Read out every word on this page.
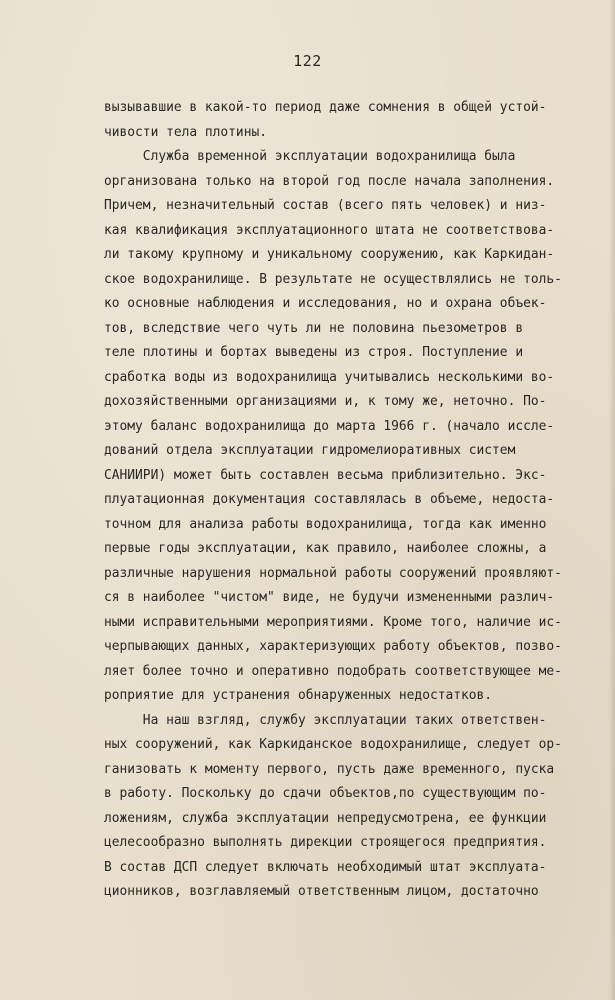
122
вызывавшие в какой-то период даже сомнения в общей устой-
чивости тела плотины.
Служба временной эксплуатации водохранилища была
организована только на второй год после начала заполнения.
Причем, незначительный состав (всего пять человек) и низ-
кая квалификация эксплуатационного штата не соответствова-
ли такому крупному и уникальному сооружению, как Каркидан-
ское водохранилище. В результате не осуществлялись не толь-
ко основные наблюдения и исследования, но и охрана объек-
тов, вследствие чего чуть ли не половина пьезометров в
теле плотины и бортах выведены из строя. Поступление и
сработка воды из водохранилища учитывались несколькими во-
дохозяйственными организациями и, к тому же, неточно. По-
этому баланс водохранилища до марта 1966 г. (начало иссле-
дований отдела эксплуатации гидромелиоративных систем
САНИИРИ) может быть составлен весьма приблизительно. Экс-
плуатационная документация составлялась в объеме, недоста-
точном для анализа работы водохранилища, тогда как именно
первые годы эксплуатации, как правило, наиболее сложны, а
различные нарушения нормальной работы сооружений проявляют-
ся в наиболее "чистом" виде, не будучи измененными различ-
ными исправительными мероприятиями. Кроме того, наличие ис-
черпывающих данных, характеризующих работу объектов, позво-
ляет более точно и оперативно подобрать соответствующее ме-
роприятие для устранения обнаруженных недостатков.
На наш взгляд, службу эксплуатации таких ответствен-
ных сооружений, как Каркиданское водохранилище, следует ор-
ганизовать к моменту первого, пусть даже временного, пуска
в работу. Поскольку до сдачи объектов,по существующим по-
ложениям, служба эксплуатации непредусмотрена, ее функции
целесообразно выполнять дирекции строящегося предприятия.
В состав ДСП следует включать необходимый штат эксплуата-
ционников, возглавляемый ответственным лицом, достаточно
